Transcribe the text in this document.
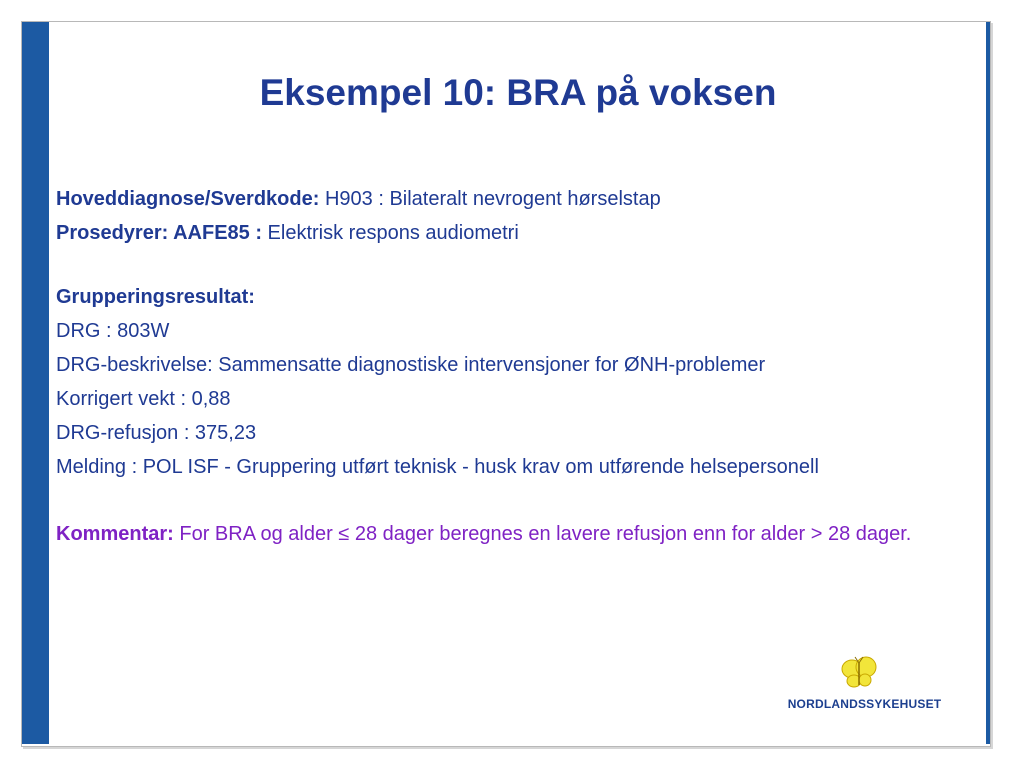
Eksempel 10: BRA på voksen
Hoveddiagnose/Sverdkode: H903 : Bilateralt nevrogent hørselstap
Prosedyrer: AAFE85 : Elektrisk respons audiometri
Grupperingsresultat:
DRG : 803W
DRG-beskrivelse: Sammensatte diagnostiske intervensjoner for ØNH-problemer
Korrigert vekt : 0,88
DRG-refusjon : 375,23
Melding : POL ISF - Gruppering utført teknisk - husk krav om utførende helsepersonell
Kommentar: For BRA og alder ≤ 28 dager beregnes en lavere refusjon enn for alder > 28 dager.
NORDLANDSSYKEHUSET
